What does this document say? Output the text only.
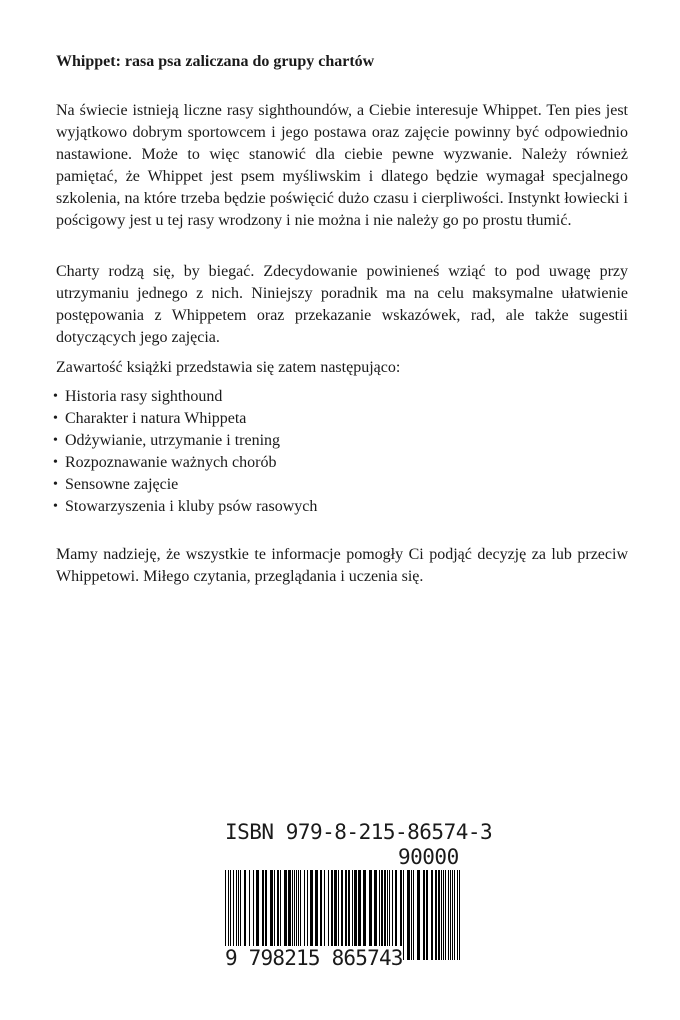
Whippet: rasa psa zaliczana do grupy chartów

Na świecie istnieją liczne rasy sighthoundów, a Ciebie interesuje Whippet. Ten pies jest wyjątkowo dobrym sportowcem i jego postawa oraz zajęcie powinny być odpowiednio nastawione. Może to więc stanowić dla ciebie pewne wyzwanie. Należy również pamiętać, że Whippet jest psem myśliwskim i dlatego będzie wymagał specjalnego szkolenia, na które trzeba będzie poświęcić dużo czasu i cierpliwości. Instynkt łowiecki i pościgowy jest u tej rasy wrodzony i nie można i nie należy go po prostu tłumić.

Charty rodzą się, by biegać. Zdecydowanie powinieneś wziąć to pod uwagę przy utrzymaniu jednego z nich. Niniejszy poradnik ma na celu maksymalne ułatwienie postępowania z Whippetem oraz przekazanie wskazówek, rad, ale także sugestii dotyczących jego zajęcia.

Zawartość książki przedstawia się zatem następująco:

• Historia rasy sighthound
• Charakter i natura Whippeta
• Odżywianie, utrzymanie i trening
• Rozpoznawanie ważnych chorób
• Sensowne zajęcie
• Stowarzyszenia i kluby psów rasowych

Mamy nadzieję, że wszystkie te informacje pomogły Ci podjąć decyzję za lub przeciw Whippetowi. Miłego czytania, przeglądania i uczenia się.

ISBN 979-8-215-86574-3
90000
9 798215 865743
